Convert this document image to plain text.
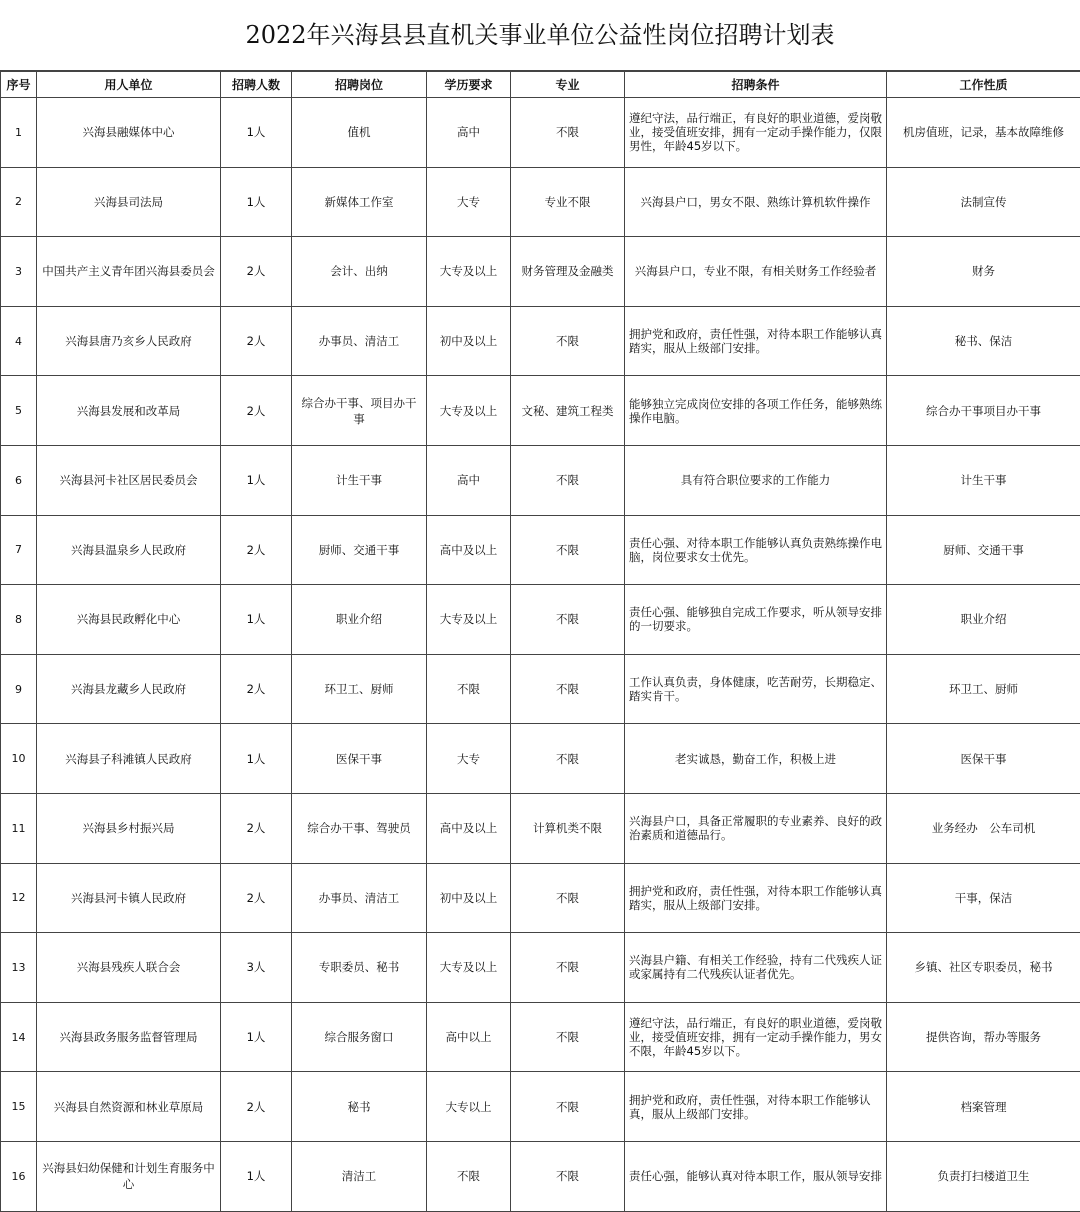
2022年兴海县县直机关事业单位公益性岗位招聘计划表
序号	用人单位	招聘人数	招聘岗位	学历要求	专业	招聘条件	工作性质
1	兴海县融媒体中心	1人	值机	高中	不限	遵纪守法，品行端正，有良好的职业道德，爱岗敬业，接受值班安排，拥有一定动手操作能力，仅限男性，年龄45岁以下。	机房值班，记录，基本故障维修
2	兴海县司法局	1人	新媒体工作室	大专	专业不限	兴海县户口，男女不限、熟练计算机软件操作	法制宣传
3	中国共产主义青年团兴海县委员会	2人	会计、出纳	大专及以上	财务管理及金融类	兴海县户口，专业不限，有相关财务工作经验者	财务
4	兴海县唐乃亥乡人民政府	2人	办事员、清洁工	初中及以上	不限	拥护党和政府，责任性强，对待本职工作能够认真踏实，服从上级部门安排。	秘书、保洁
5	兴海县发展和改革局	2人	综合办干事、项目办干事	大专及以上	文秘、建筑工程类	能够独立完成岗位安排的各项工作任务，能够熟练操作电脑。	综合办干事项目办干事
6	兴海县河卡社区居民委员会	1人	计生干事	高中	不限	具有符合职位要求的工作能力	计生干事
7	兴海县温泉乡人民政府	2人	厨师、交通干事	高中及以上	不限	责任心强、对待本职工作能够认真负责熟练操作电脑，岗位要求女士优先。	厨师、交通干事
8	兴海县民政孵化中心	1人	职业介绍	大专及以上	不限	责任心强、能够独自完成工作要求，听从领导安排的一切要求。	职业介绍
9	兴海县龙藏乡人民政府	2人	环卫工、厨师	不限	不限	工作认真负责，身体健康，吃苦耐劳，长期稳定、踏实肯干。	环卫工、厨师
10	兴海县子科滩镇人民政府	1人	医保干事	大专	不限	老实诚恳，勤奋工作，积极上进	医保干事
11	兴海县乡村振兴局	2人	综合办干事、驾驶员	高中及以上	计算机类不限	兴海县户口，具备正常履职的专业素养、良好的政治素质和道德品行。	业务经办　公车司机
12	兴海县河卡镇人民政府	2人	办事员、清洁工	初中及以上	不限	拥护党和政府，责任性强，对待本职工作能够认真踏实，服从上级部门安排。	干事，保洁
13	兴海县残疾人联合会	3人	专职委员、秘书	大专及以上	不限	兴海县户籍、有相关工作经验，持有二代残疾人证或家属持有二代残疾认证者优先。	乡镇、社区专职委员，秘书
14	兴海县政务服务监督管理局	1人	综合服务窗口	高中以上	不限	遵纪守法，品行端正，有良好的职业道德，爱岗敬业，接受值班安排，拥有一定动手操作能力，男女不限，年龄45岁以下。	提供咨询，帮办等服务
15	兴海县自然资源和林业草原局	2人	秘书	大专以上	不限	拥护党和政府，责任性强，对待本职工作能够认真，服从上级部门安排。	档案管理
16	兴海县妇幼保健和计划生育服务中心	1人	清洁工	不限	不限	责任心强，能够认真对待本职工作，服从领导安排	负责打扫楼道卫生
